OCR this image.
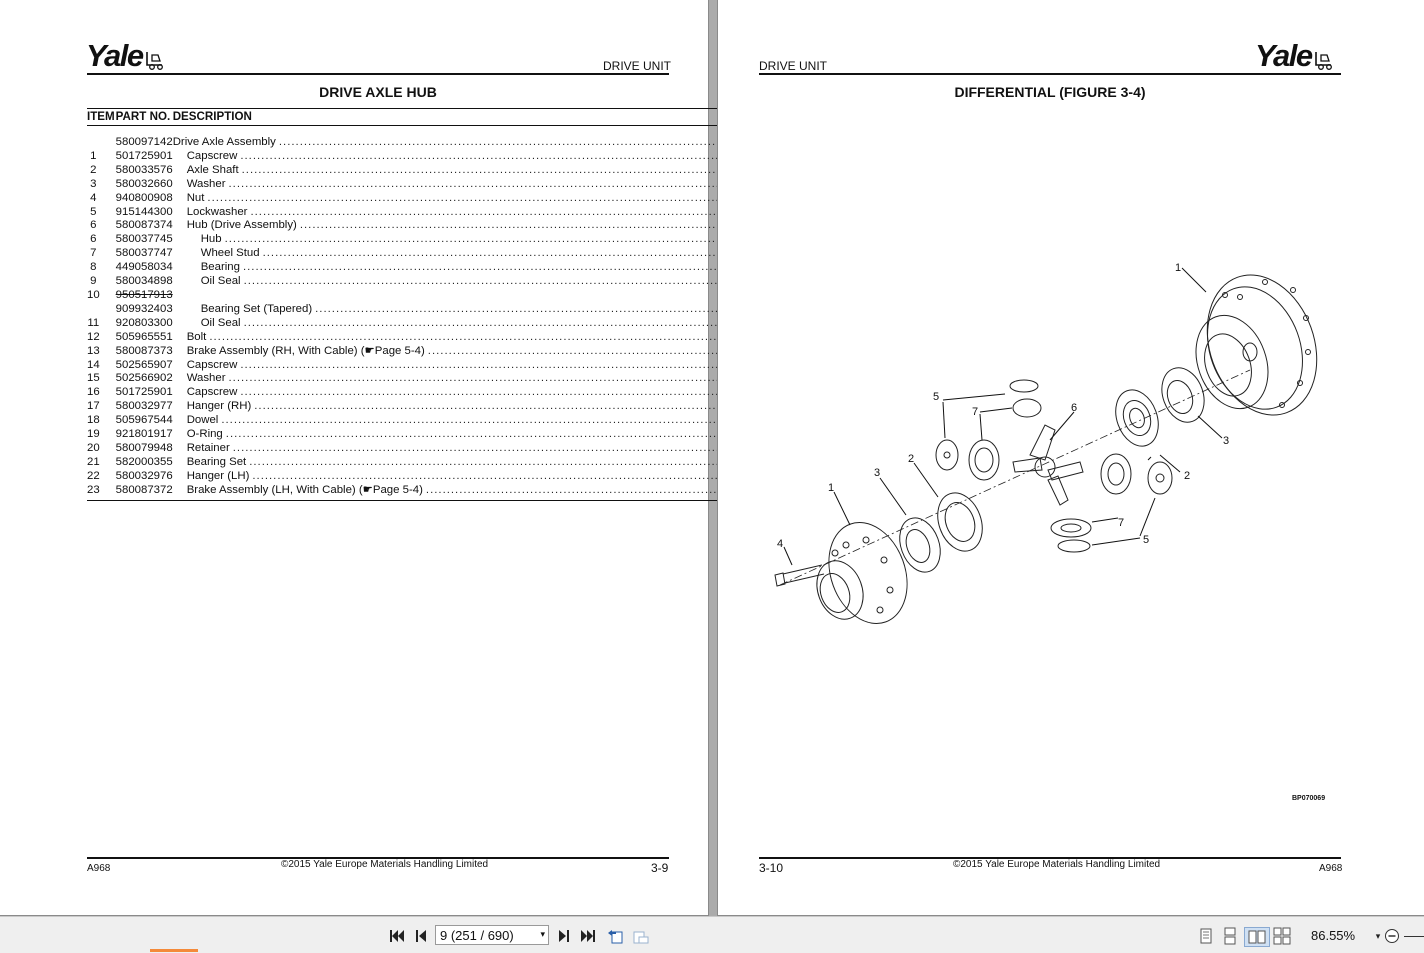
Yale	DRIVE UNIT
DRIVE AXLE HUB
ITEM	PART NO.	DESCRIPTION	

	580097142	Drive Axle Assembly
.....

1	501725901	Capscrew
.....

2	580033576	Axle Shaft
.....

3	580032660	Washer
.....

4	940800908	Nut
.....

5	915144300	Lockwasher
.....

6	580087374	Hub (Drive Assembly)
.....

6	580037745	Hub
.....

7	580037747	Wheel Stud
.....

8	449058034	Bearing
.....

9	580034898	Oil Seal
.....

10	950517913	

	909932403	Bearing Set (Tapered)
.....

11	920803300	Oil Seal
.....

12	505965551	Bolt
.....

13	580087373	Brake Assembly (RH, With Cable) (☛Page 5-4)
.....

14	502565907	Capscrew
.....

15	502566902	Washer
.....

16	501725901	Capscrew
.....

17	580032977	Hanger (RH)
.....

18	505967544	Dowel
.....

19	921801917	O-Ring
.....

20	580079948	Retainer
.....

21	582000355	Bearing Set
.....

22	580032976	Hanger (LH)
.....

23	580087372	Brake Assembly (LH, With Cable) (☛Page 5-4)
.....

A968	©2015 Yale Europe Materials Handling Limited	3-9
DRIVE UNIT	Yale
DIFFERENTIAL (FIGURE 3-4)
3-10	©2015 Yale Europe Materials Handling Limited	A968
1
1
2
2
3
3
4
5
5
6
7
7
BP070069
9 (251 / 690)	▾	86.55%	▾
